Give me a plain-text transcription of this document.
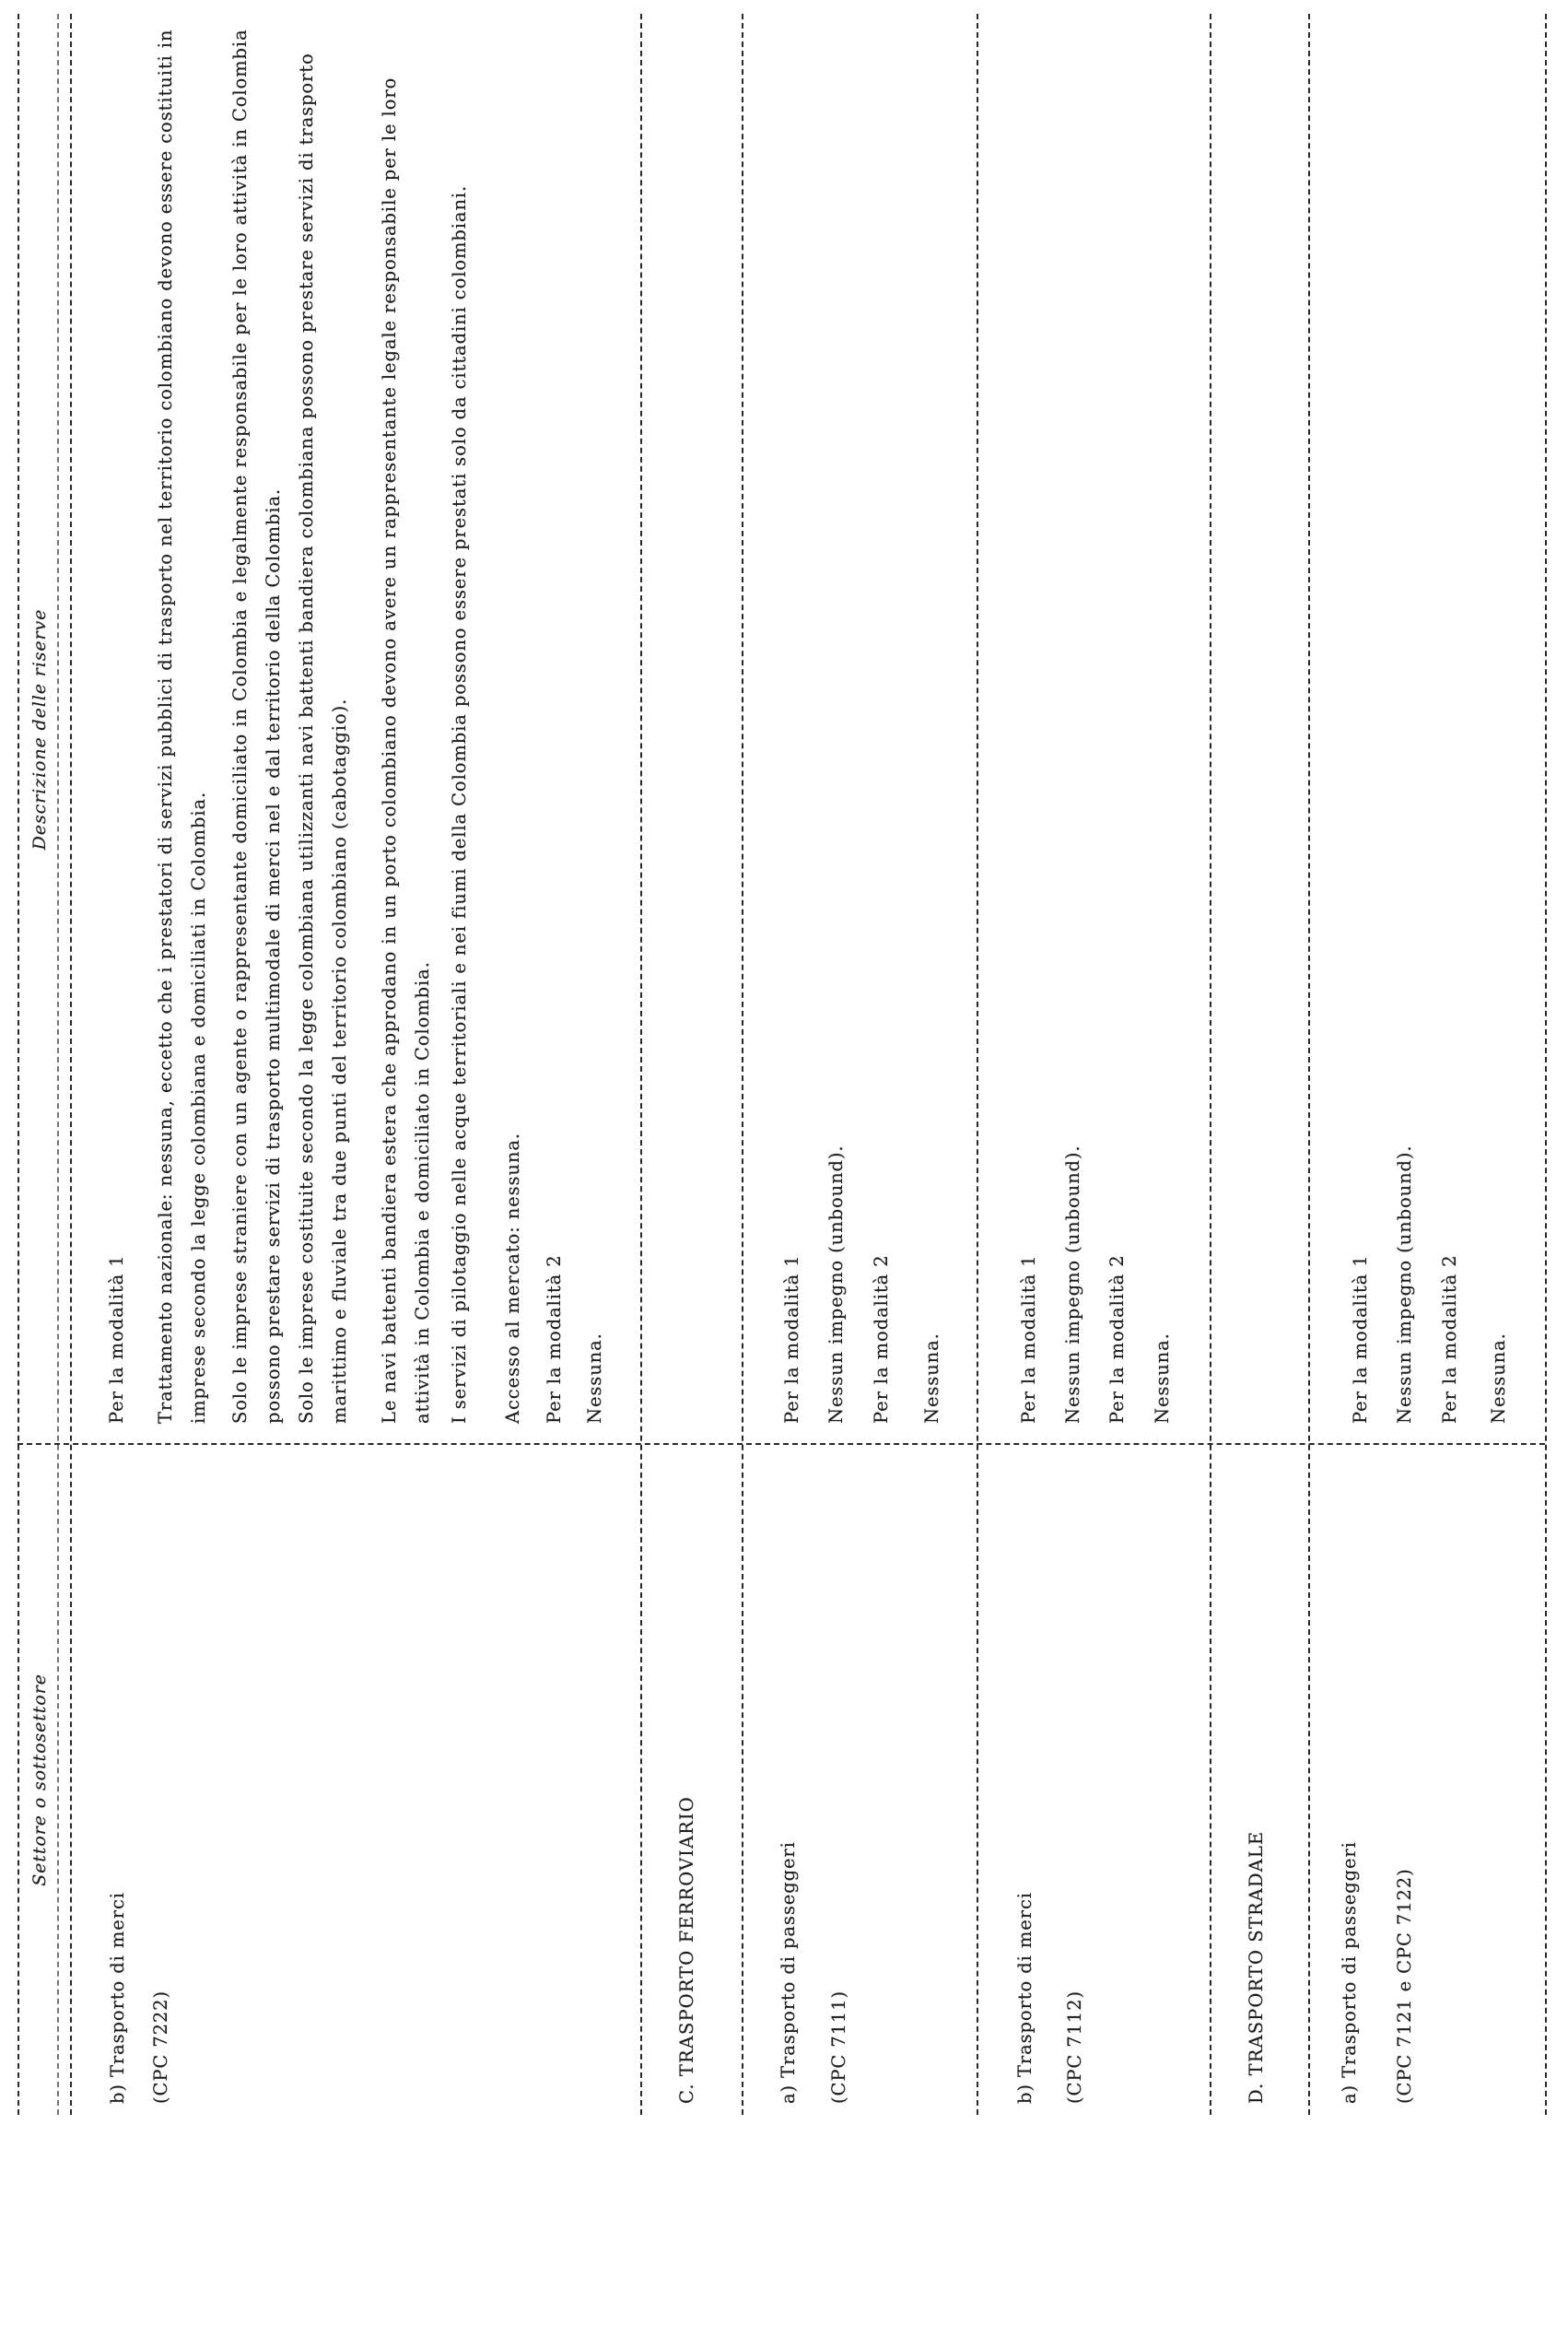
Settore o sottosettore
Descrizione delle riserve
b) Trasporto di merci (CPC 7222)
Per la modalità 1 Trattamento nazionale: nessuna, eccetto che i prestatori di servizi pubblici di trasporto nel territorio colombiano devono essere costituiti in imprese secondo la legge colombiana e domiciliati in Colombia. Solo le imprese straniere con un agente o rappresentante domiciliato in Colombia e legalmente responsabile per le loro attività in Colombia possono prestare servizi di trasporto multimodale di merci nel e dal territorio della Colombia. Solo le imprese costituite secondo la legge colombiana utilizzanti navi battenti bandiera colombiana possono prestare servizi di trasporto marittimo e fluviale tra due punti del territorio colombiano (cabotaggio). Le navi battenti bandiera estera che approdano in un porto colombiano devono avere un rappresentante legale responsabile per le loro attività in Colombia e domiciliato in Colombia. I servizi di pilotaggio nelle acque territoriali e nei fiumi della Colombia possono essere prestati solo da cittadini colombiani. Accesso al mercato: nessuna. Per la modalità 2 Nessuna.
C. TRASPORTO FERROVIARIO	a) Trasporto di passeggeri (CPC 7111)
Per la modalità 1 Nessun impegno (unbound). Per la modalità 2 Nessuna.
b) Trasporto di merci (CPC 7112)
Per la modalità 1 Nessun impegno (unbound). Per la modalità 2 Nessuna.
D. TRASPORTO STRADALE	a) Trasporto di passeggeri (CPC 7121 e CPC 7122)
Per la modalità 1 Nessun impegno (unbound). Per la modalità 2 Nessuna.
